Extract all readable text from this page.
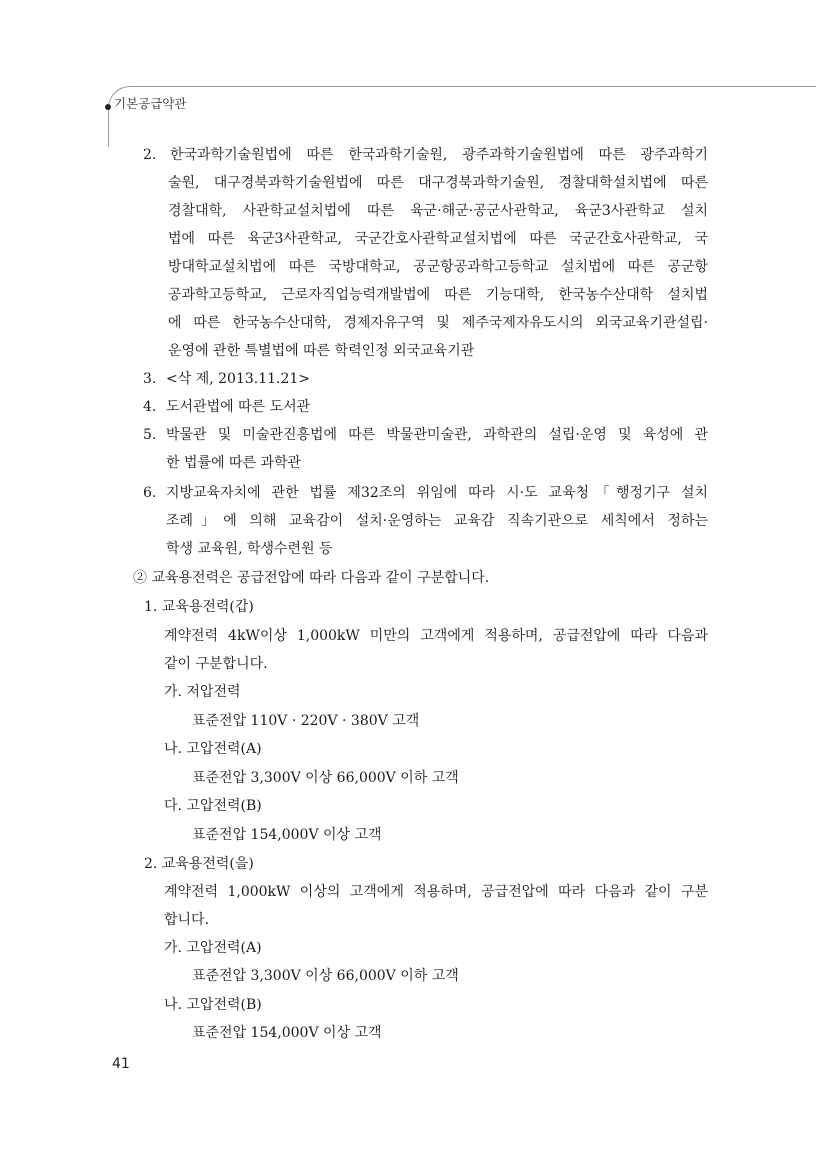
기본공급약관
2. 한국과학기술원법에 따른 한국과학기술원, 광주과학기술원법에 따른 광주과학기
술원, 대구경북과학기술원법에 따른 대구경북과학기술원, 경찰대학설치법에 따른
경찰대학, 사관학교설치법에 따른 육군·해군·공군사관학교, 육군3사관학교 설치
법에 따른 육군3사관학교, 국군간호사관학교설치법에 따른 국군간호사관학교, 국
방대학교설치법에 따른 국방대학교, 공군항공과학고등학교 설치법에 따른 공군항
공과학고등학교, 근로자직업능력개발법에 따른 기능대학, 한국농수산대학 설치법
에 따른 한국농수산대학, 경제자유구역 및 제주국제자유도시의 외국교육기관설립·
운영에 관한 특별법에 따른 학력인정 외국교육기관
3. <삭 제, 2013.11.21>
4. 도서관법에 따른 도서관
5. 박물관 및 미술관진흥법에 따른 박물관미술관, 과학관의 설립·운영 및 육성에 관
한 법률에 따른 과학관
6. 지방교육자치에 관한 법률 제32조의 위임에 따라 시·도 교육청「행정기구 설치
조례」에 의해 교육감이 설치·운영하는 교육감 직속기관으로 세칙에서 정하는
학생 교육원, 학생수련원 등
② 교육용전력은 공급전압에 따라 다음과 같이 구분합니다.
1. 교육용전력(갑)
계약전력 4kW이상 1,000kW 미만의 고객에게 적용하며, 공급전압에 따라 다음과
같이 구분합니다.
가. 저압전력
표준전압 110V · 220V · 380V 고객
나. 고압전력(A)
표준전압 3,300V 이상 66,000V 이하 고객
다. 고압전력(B)
표준전압 154,000V 이상 고객
2. 교육용전력(을)
계약전력 1,000kW 이상의 고객에게 적용하며, 공급전압에 따라 다음과 같이 구분
합니다.
가. 고압전력(A)
표준전압 3,300V 이상 66,000V 이하 고객
나. 고압전력(B)
표준전압 154,000V 이상 고객
41
